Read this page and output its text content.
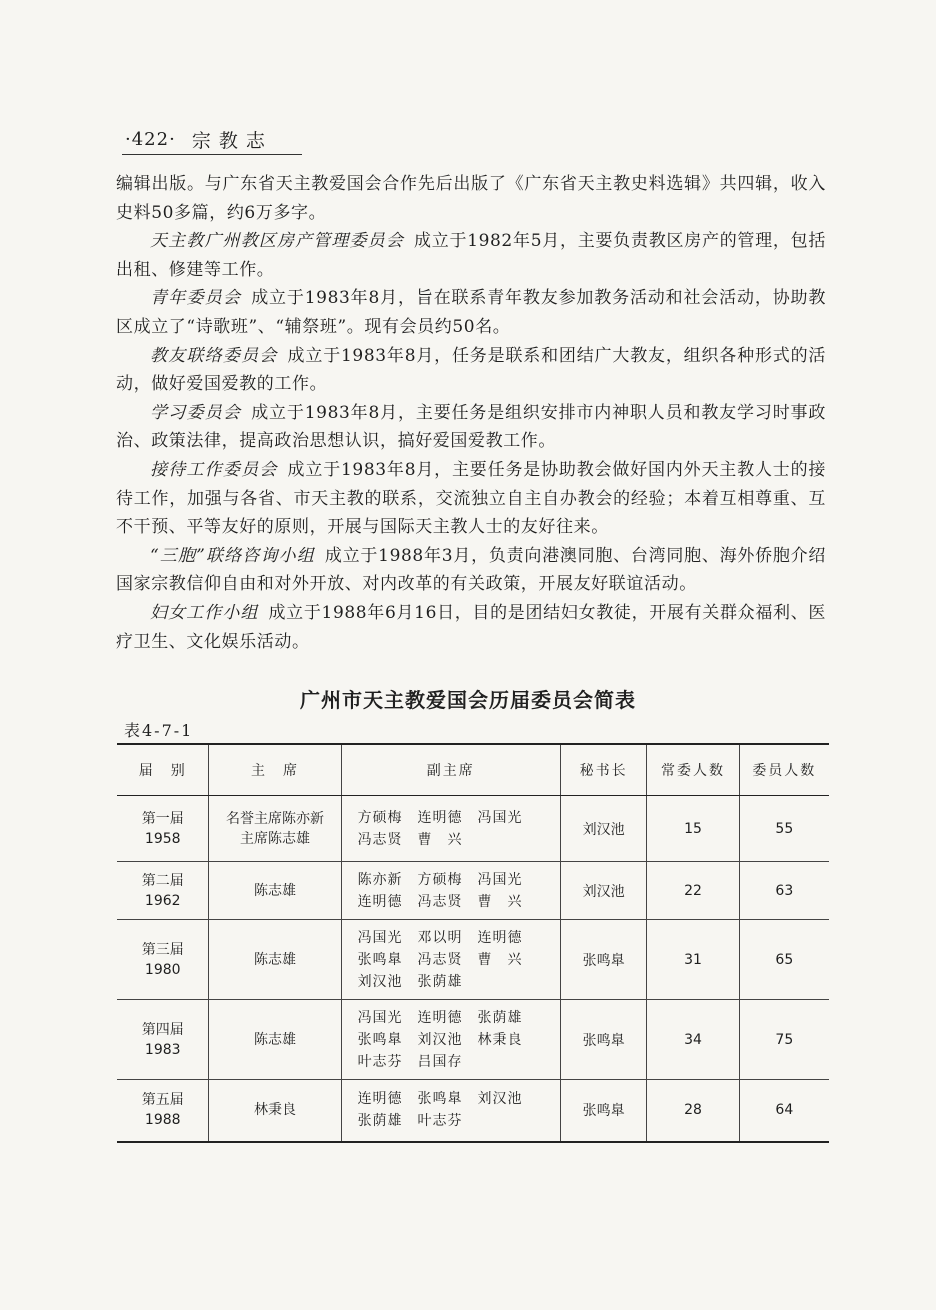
·422· 宗 教 志

编辑出版。与广东省天主教爱国会合作先后出版了《广东省天主教史料选辑》共四辑，收入史料50多篇，约6万多字。

天主教广州教区房产管理委员会 成立于1982年5月，主要负责教区房产的管理，包括出租、修建等工作。

青年委员会 成立于1983年8月，旨在联系青年教友参加教务活动和社会活动，协助教区成立了“诗歌班”、“辅祭班”。现有会员约50名。

教友联络委员会 成立于1983年8月，任务是联系和团结广大教友，组织各种形式的活动，做好爱国爱教的工作。

学习委员会 成立于1983年8月，主要任务是组织安排市内神职人员和教友学习时事政治、政策法律，提高政治思想认识，搞好爱国爱教工作。

接待工作委员会 成立于1983年8月，主要任务是协助教会做好国内外天主教人士的接待工作，加强与各省、市天主教的联系，交流独立自主自办教会的经验；本着互相尊重、互不干预、平等友好的原则，开展与国际天主教人士的友好往来。

“三胞”联络咨询小组 成立于1988年3月，负责向港澳同胞、台湾同胞、海外侨胞介绍国家宗教信仰自由和对外开放、对内改革的有关政策，开展友好联谊活动。

妇女工作小组 成立于1988年6月16日，目的是团结妇女教徒，开展有关群众福利、医疗卫生、文化娱乐活动。

广州市天主教爱国会历届委员会简表
表4-7-1
届　别	主　席	副主席	秘书长	常委人数	委员人数

第一届
1958	名誉主席陈亦新
主席陈志雄	方硕梅　连明德　冯国光
冯志贤　曹　兴	刘汉池	15	55

第二届
1962	陈志雄	陈亦新　方硕梅　冯国光
连明德　冯志贤　曹　兴	刘汉池	22	63

第三届
1980	陈志雄	冯国光　邓以明　连明德
张鸣臯　冯志贤　曹　兴
刘汉池　张荫雄	张鸣臯	31	65

第四届
1983	陈志雄	冯国光　连明德　张荫雄
张鸣臯　刘汉池　林秉良
叶志芬　吕国存	张鸣臯	34	75

第五届
1988	林秉良	连明德　张鸣臯　刘汉池
张荫雄　叶志芬	张鸣臯	28	64
